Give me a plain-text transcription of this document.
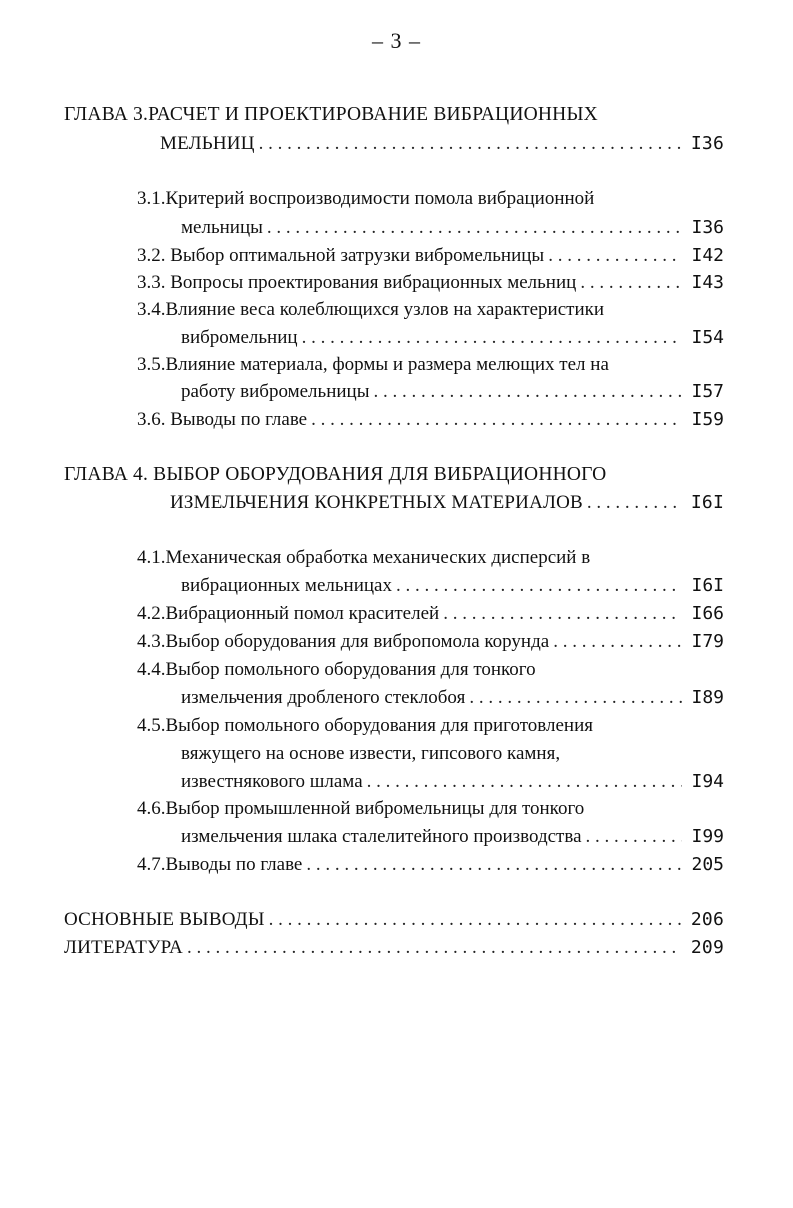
– 3 –
ГЛАВА 3.РАСЧЕТ И ПРОЕКТИРОВАНИЕ ВИБРАЦИОННЫХ
МЕЛЬНИЦ . . .	I36
3.1.Критерий воспроизводимости помола вибрационной
мельницы . . .	I36
3.2. Выбор оптимальной затрузки вибромельницы . . .	I42
3.3. Вопросы проектирования вибрационных мельниц . . .	I43
3.4.Влияние веса колеблющихся узлов на характеристики
вибромельниц . . .	I54
3.5.Влияние материала, формы и размера мелющих тел на
работу вибромельницы . . .	I57
3.6. Выводы по главе . . .	I59
ГЛАВА 4. ВЫБОР ОБОРУДОВАНИЯ ДЛЯ ВИБРАЦИОННОГО
ИЗМЕЛЬЧЕНИЯ КОНКРЕТНЫХ МАТЕРИАЛОВ . . .	I6I
4.1.Механическая обработка механических дисперсий в
вибрационных мельницах . . .	I6I
4.2.Вибрационный помол красителей . . .	I66
4.3.Выбор оборудования для вибропомола корунда . . .	I79
4.4.Выбор помольного оборудования для тонкого
измельчения дробленого стеклобоя . . .	I89
4.5.Выбор помольного оборудования для приготовления
вяжущего на основе извести, гипсового камня,
известнякового шлама . . .	I94
4.6.Выбор промышленной вибромельницы для тонкого
измельчения шлака сталелитейного производства . . .	I99
4.7.Выводы по главе . . .	205
ОСНОВНЫЕ ВЫВОДЫ . . .	206
ЛИТЕРАТУРА . . .	209
